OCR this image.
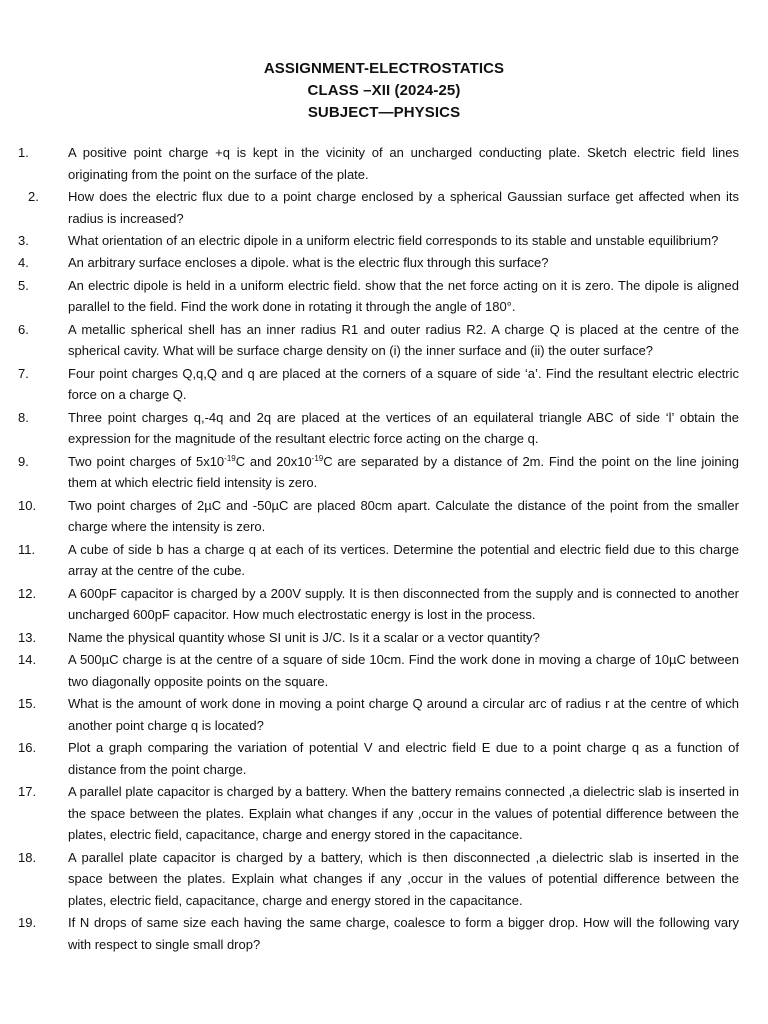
ASSIGNMENT-ELECTROSTATICS
CLASS –XII (2024-25)
SUBJECT—PHYSICS
1.	A positive point charge +q is kept in the vicinity of an uncharged conducting plate. Sketch electric field lines originating from the point on the surface of the plate.
2.	How does the electric flux due to a point charge enclosed by a spherical Gaussian surface get affected when its radius is increased?
3.	What orientation of an electric dipole in a uniform electric field corresponds to its stable and unstable equilibrium?
4.	An arbitrary surface encloses a dipole. what is the electric flux through this surface?
5.	An electric dipole is held in a uniform electric field. show that the net force acting on it is zero. The dipole is aligned parallel to the field. Find the work done in rotating it through the angle of 180°.
6.	A metallic spherical shell has an inner radius R1 and outer radius R2. A charge Q is placed at the centre of the spherical cavity. What will be surface charge density on (i) the inner surface and (ii) the outer surface?
7.	Four point charges Q,q,Q and q are placed at the corners of a square of side ‘a’. Find the resultant electric electric force on a charge Q.
8.	Three point charges q,-4q and 2q are placed at the vertices of an equilateral triangle ABC of side ‘l’ obtain the expression for the magnitude of the resultant electric force acting on the charge q.
9.	Two point charges of $5x10^{-19}C$ and $20x10^{-19}C$ are separated by a distance of 2m. Find the point on the line joining them at which electric field intensity is zero.
10.	Two point charges of 2µC and -50µC are placed 80cm apart. Calculate the distance of the point from the smaller charge where the intensity is zero.
11.	A cube of side b has a charge q at each of its vertices. Determine the potential and electric field due to this charge array at the centre of the cube.
12.	A 600pF capacitor is charged by a 200V supply. It is then disconnected from the supply and is connected to another uncharged 600pF capacitor. How much electrostatic energy is lost in the process.
13.	Name the physical quantity whose SI unit is J/C. Is it a scalar or a vector quantity?
14.	A 500µC charge is at the centre of a square of side 10cm. Find the work done in moving a charge of 10µC between two diagonally opposite points on the square.
15.	What is the amount of work done in moving a point charge Q around a circular arc of radius r at the centre of which another point charge q is located?
16.	Plot a graph comparing the variation of potential V and electric field E due to a point charge q as a function of distance from the point charge.
17.	A parallel plate capacitor is charged by a battery. When the battery remains connected ,a dielectric slab is inserted in the space between the plates. Explain what changes if any ,occur in the values of potential difference between the plates, electric field, capacitance, charge and energy stored in the capacitance.
18.	A parallel plate capacitor is charged by a battery, which is then disconnected ,a dielectric slab is inserted in the space between the plates. Explain what changes if any ,occur in the values of potential difference between the plates, electric field, capacitance, charge and energy stored in the capacitance.
19.	If N drops of same size each having the same charge, coalesce to form a bigger drop. How will the following vary with respect to single small drop?
